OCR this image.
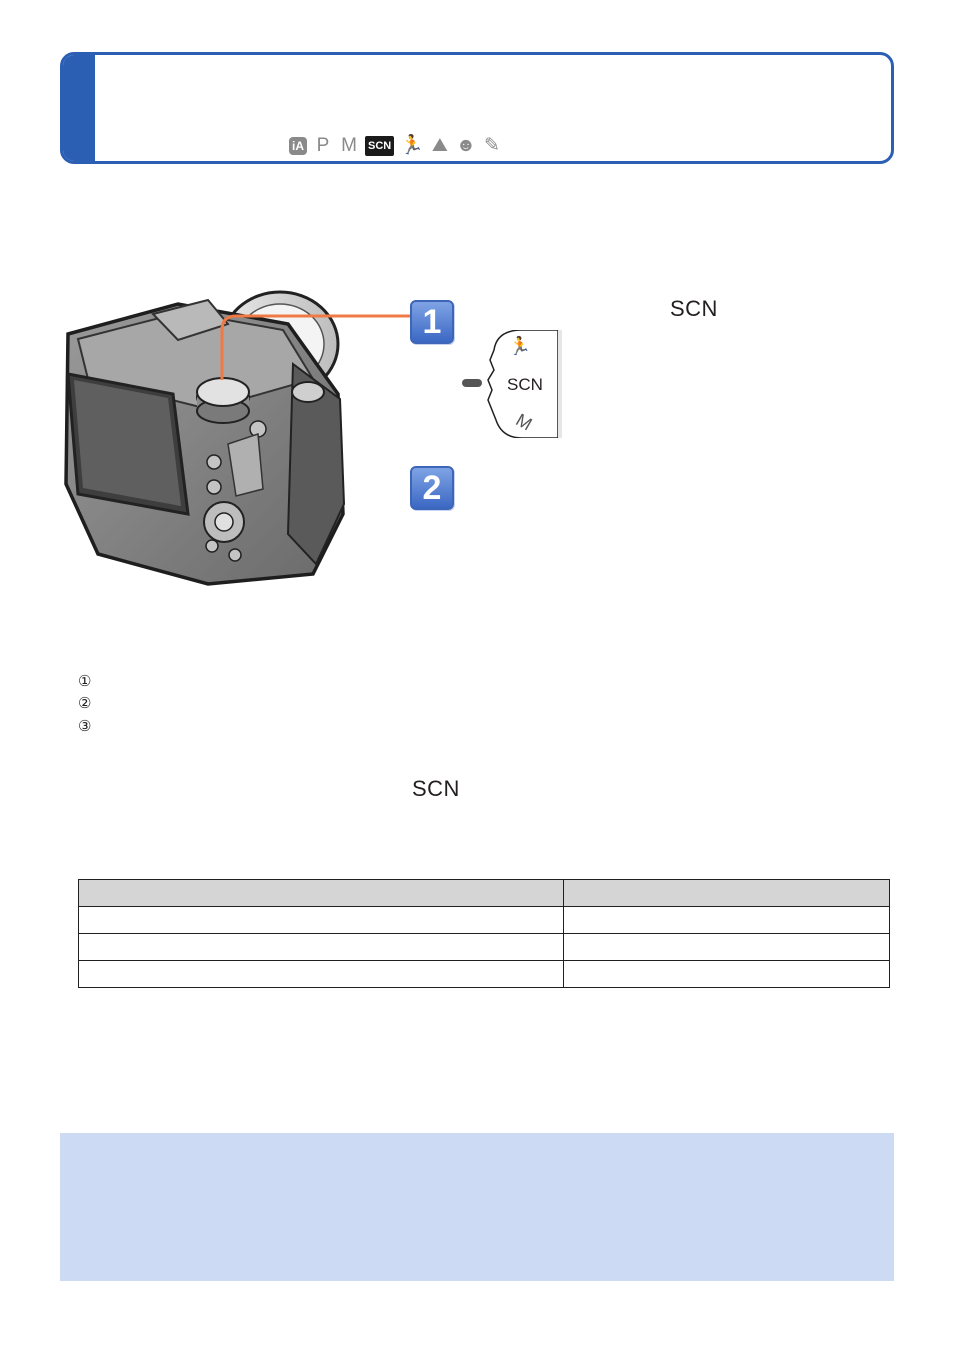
iA P M SCN 🏃 ⛰ ☻ ✎
1	SCN
🏃
SCN
M
2
①
②
③
SCN
